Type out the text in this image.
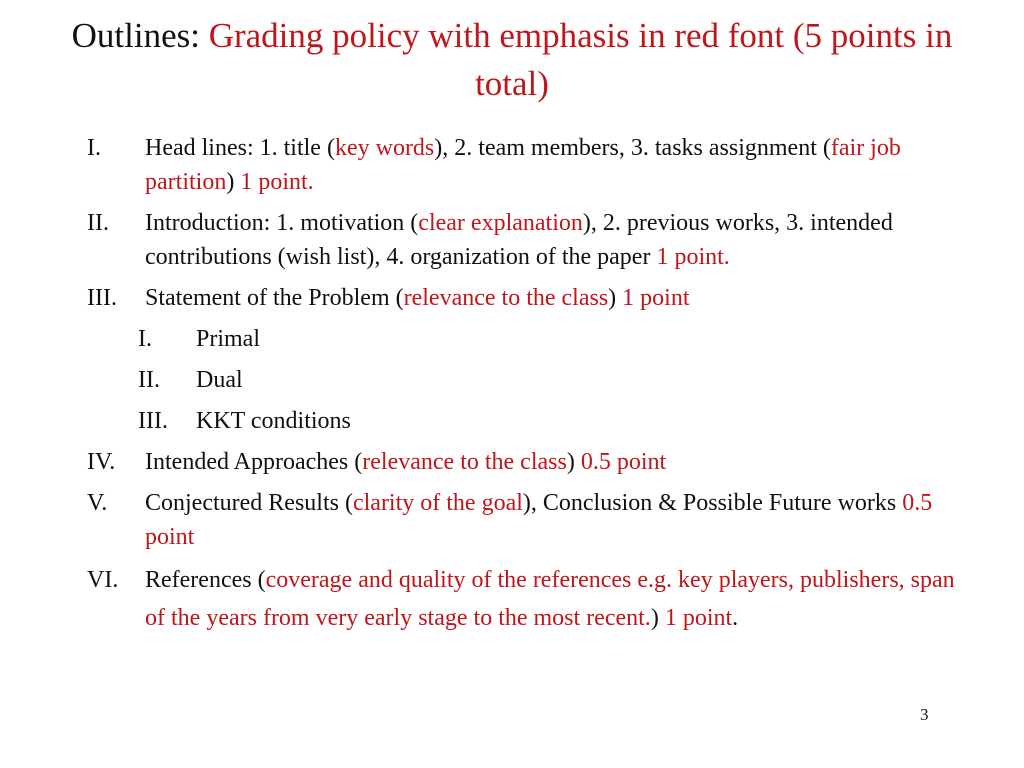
Outlines: Grading policy with emphasis in red font (5 points in total)
I. Head lines: 1. title (key words), 2. team members, 3. tasks assignment (fair job partition) 1 point.
II. Introduction: 1. motivation (clear explanation), 2. previous works, 3. intended contributions (wish list), 4. organization of the paper 1 point.
III. Statement of the Problem (relevance to the class) 1 point
I. Primal
II. Dual
III. KKT conditions
IV. Intended Approaches (relevance to the class) 0.5 point
V. Conjectured Results (clarity of the goal), Conclusion & Possible Future works 0.5 point
VI. References (coverage and quality of the references e.g. key players, publishers, span of the years from very early stage to the most recent.) 1 point.
3
